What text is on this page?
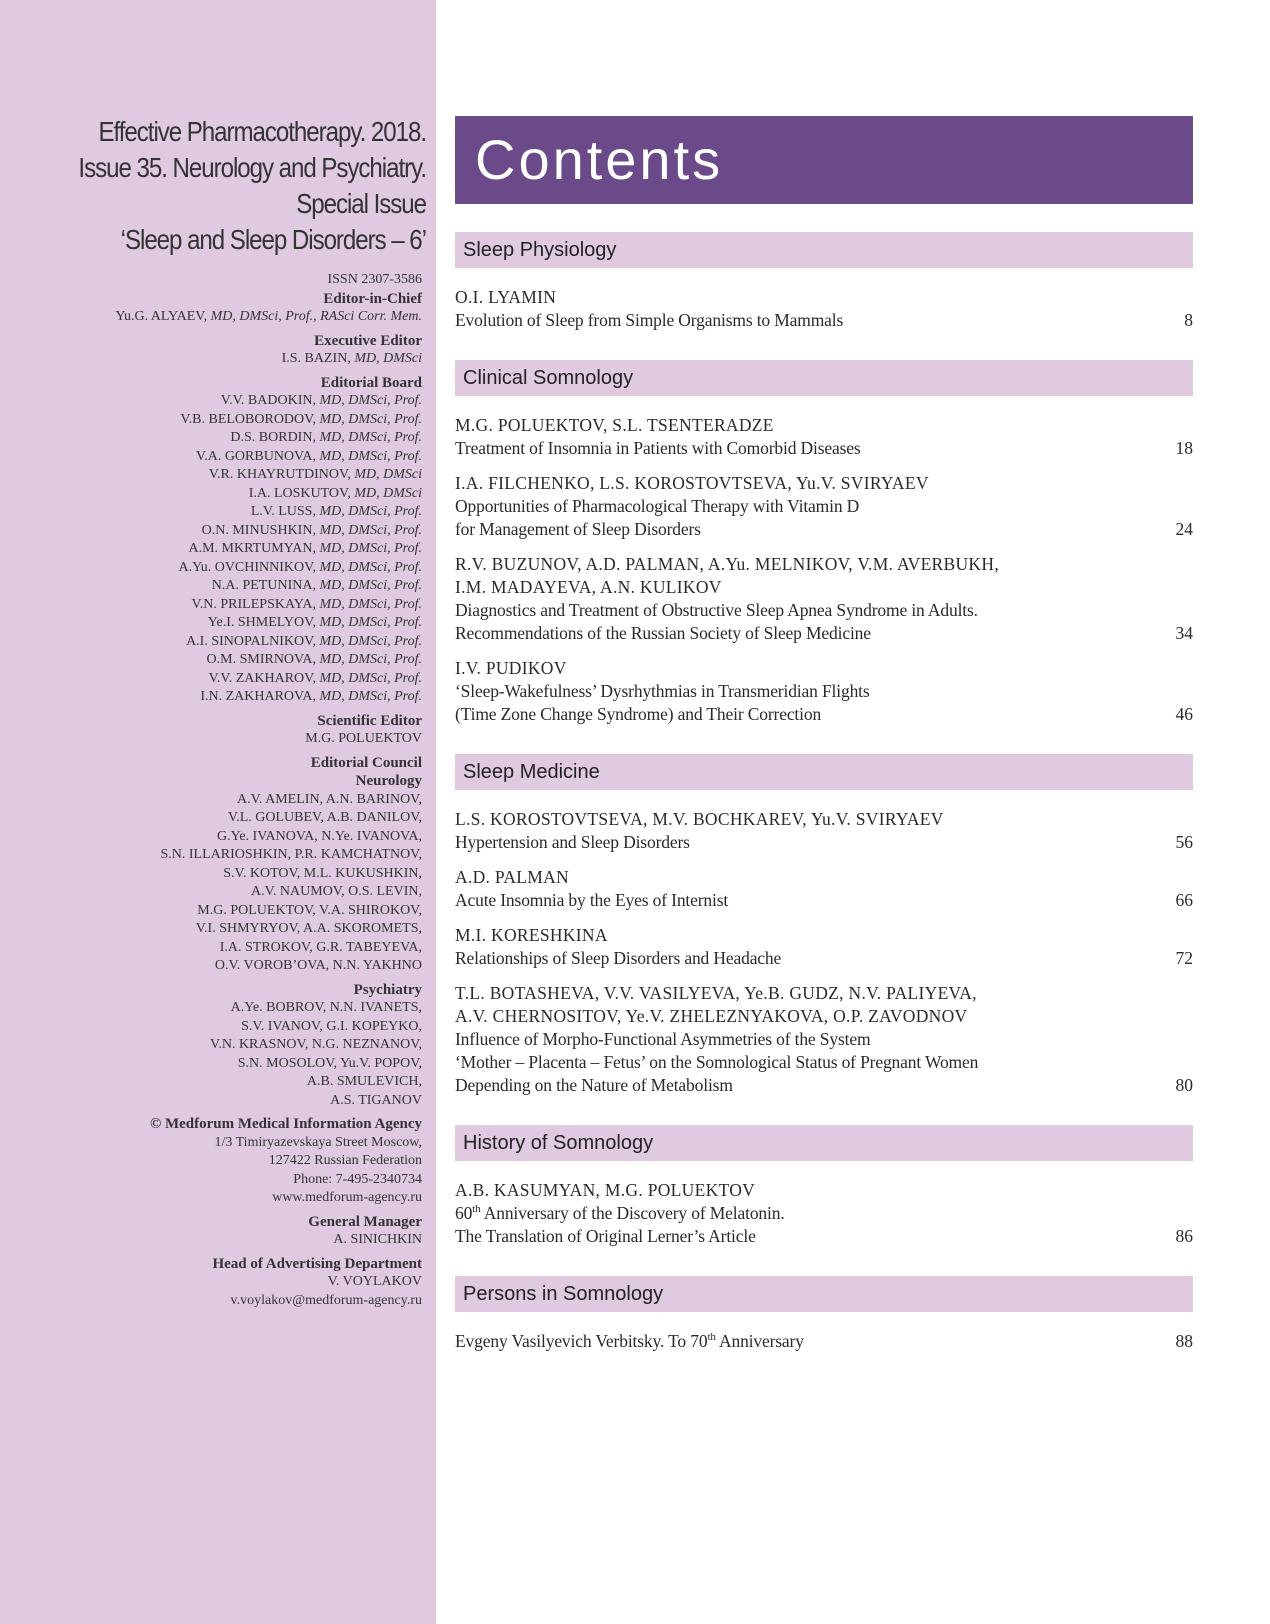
Effective Pharmacotherapy. 2018.
Issue 35. Neurology and Psychiatry.
Special Issue
‘Sleep and Sleep Disorders – 6’
ISSN 2307-3586
Editor-in-Chief
Yu.G. ALYAEV, MD, DMSci, Prof., RASci Corr. Mem.
Executive Editor
I.S. BAZIN, MD, DMSci
Editorial Board
V.V. BADOKIN, MD, DMSci, Prof.
V.B. BELOBORODOV, MD, DMSci, Prof.
D.S. BORDIN, MD, DMSci, Prof.
V.A. GORBUNOVA, MD, DMSci, Prof.
V.R. KHAYRUTDINOV, MD, DMSci
I.A. LOSKUTOV, MD, DMSci
L.V. LUSS, MD, DMSci, Prof.
O.N. MINUSHKIN, MD, DMSci, Prof.
A.M. MKRTUMYAN, MD, DMSci, Prof.
A.Yu. OVCHINNIKOV, MD, DMSci, Prof.
N.A. PETUNINA, MD, DMSci, Prof.
V.N. PRILEPSKAYA, MD, DMSci, Prof.
Ye.I. SHMELYOV, MD, DMSci, Prof.
A.I. SINOPALNIKOV, MD, DMSci, Prof.
O.M. SMIRNOVA, MD, DMSci, Prof.
V.V. ZAKHAROV, MD, DMSci, Prof.
I.N. ZAKHAROVA, MD, DMSci, Prof.
Scientific Editor
M.G. POLUEKTOV
Editorial Council
Neurology
A.V. AMELIN, A.N. BARINOV,
V.L. GOLUBEV, A.B. DANILOV,
G.Ye. IVANOVA, N.Ye. IVANOVA,
S.N. ILLARIOSHKIN, P.R. KAMCHATNOV,
S.V. KOTOV, M.L. KUKUSHKIN,
A.V. NAUMOV, O.S. LEVIN,
M.G. POLUEKTOV, V.A. SHIROKOV,
V.I. SHMYRYOV, A.A. SKOROMETS,
I.A. STROKOV, G.R. TABEYEVA,
O.V. VOROB’OVA, N.N. YAKHNO
Psychiatry
A.Ye. BOBROV, N.N. IVANETS,
S.V. IVANOV, G.I. KOPEYKO,
V.N. KRASNOV, N.G. NEZNANOV,
S.N. MOSOLOV, Yu.V. POPOV,
A.B. SMULEVICH,
A.S. TIGANOV
© Medforum Medical Information Agency
1/3 Timiryazevskaya Street Moscow,
127422 Russian Federation
Phone: 7-495-2340734
www.medforum-agency.ru
General Manager
A. SINICHKIN
Head of Advertising Department
V. VOYLAKOV
v.voylakov@medforum-agency.ru
Contents
Sleep Physiology
O.I. LYAMIN
Evolution of Sleep from Simple Organisms to Mammals	8
Clinical Somnology
M.G. POLUEKTOV, S.L. TSENTERADZE
Treatment of Insomnia in Patients with Comorbid Diseases	18
I.A. FILCHENKO, L.S. KOROSTOVTSEVA, Yu.V. SVIRYAEV
Opportunities of Pharmacological Therapy with Vitamin D
for Management of Sleep Disorders	24
R.V. BUZUNOV, A.D. PALMAN, A.Yu. MELNIKOV, V.M. AVERBUKH,
I.M. MADAYEVA, A.N. KULIKOV
Diagnostics and Treatment of Obstructive Sleep Apnea Syndrome in Adults.
Recommendations of the Russian Society of Sleep Medicine	34
I.V. PUDIKOV
‘Sleep-Wakefulness’ Dysrhythmias in Transmeridian Flights
(Time Zone Change Syndrome) and Their Correction	46
Sleep Medicine
L.S. KOROSTOVTSEVA, M.V. BOCHKAREV, Yu.V. SVIRYAEV
Hypertension and Sleep Disorders	56
A.D. PALMAN
Acute Insomnia by the Eyes of Internist	66
M.I. KORESHKINA
Relationships of Sleep Disorders and Headache	72
T.L. BOTASHEVA, V.V. VASILYEVA, Ye.B. GUDZ, N.V. PALIYEVA,
A.V. CHERNOSITOV, Ye.V. ZHELEZNYAKOVA, O.P. ZAVODNOV
Influence of Morpho-Functional Asymmetries of the System
‘Mother – Placenta – Fetus’ on the Somnological Status of Pregnant Women
Depending on the Nature of Metabolism	80
History of Somnology
A.B. KASUMYAN, M.G. POLUEKTOV
60th Anniversary of the Discovery of Melatonin.
The Translation of Original Lerner’s Article	86
Persons in Somnology
Evgeny Vasilyevich Verbitsky. To 70th Anniversary	88
